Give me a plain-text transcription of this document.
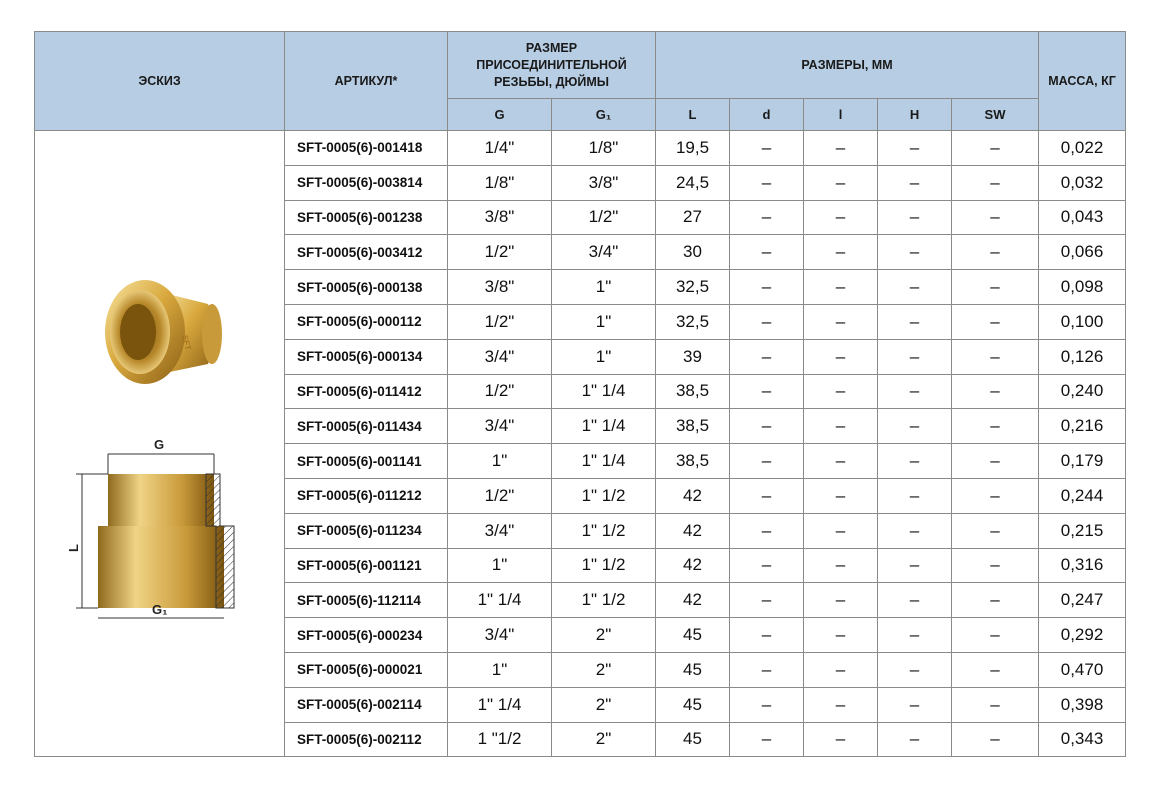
ЭСКИЗ	АРТИКУЛ*	РАЗМЕР ПРИСОЕДИНИТЕЛЬНОЙ РЕЗЬБЫ, ДЮЙМЫ		РАЗМЕРЫ, ММ					МАССА, КГ
		G	G₁	L	d	l	H	SW	

SFT
G
L
G₁	SFT-0005(6)-001418	1/4"	1/8"	19,5	–	–	–	–	0,022
	SFT-0005(6)-003814	1/8"	3/8"	24,5	–	–	–	–	0,032
	SFT-0005(6)-001238	3/8"	1/2"	27	–	–	–	–	0,043
	SFT-0005(6)-003412	1/2"	3/4"	30	–	–	–	–	0,066
	SFT-0005(6)-000138	3/8"	1"	32,5	–	–	–	–	0,098
	SFT-0005(6)-000112	1/2"	1"	32,5	–	–	–	–	0,100
	SFT-0005(6)-000134	3/4"	1"	39	–	–	–	–	0,126
	SFT-0005(6)-011412	1/2"	1" 1/4	38,5	–	–	–	–	0,240
	SFT-0005(6)-011434	3/4"	1" 1/4	38,5	–	–	–	–	0,216
	SFT-0005(6)-001141	1"	1" 1/4	38,5	–	–	–	–	0,179
	SFT-0005(6)-011212	1/2"	1" 1/2	42	–	–	–	–	0,244
	SFT-0005(6)-011234	3/4"	1" 1/2	42	–	–	–	–	0,215
	SFT-0005(6)-001121	1"	1" 1/2	42	–	–	–	–	0,316
	SFT-0005(6)-112114	1" 1/4	1" 1/2	42	–	–	–	–	0,247
	SFT-0005(6)-000234	3/4"	2"	45	–	–	–	–	0,292
	SFT-0005(6)-000021	1"	2"	45	–	–	–	–	0,470
	SFT-0005(6)-002114	1" 1/4	2"	45	–	–	–	–	0,398
	SFT-0005(6)-002112	1 "1/2	2"	45	–	–	–	–	0,343
